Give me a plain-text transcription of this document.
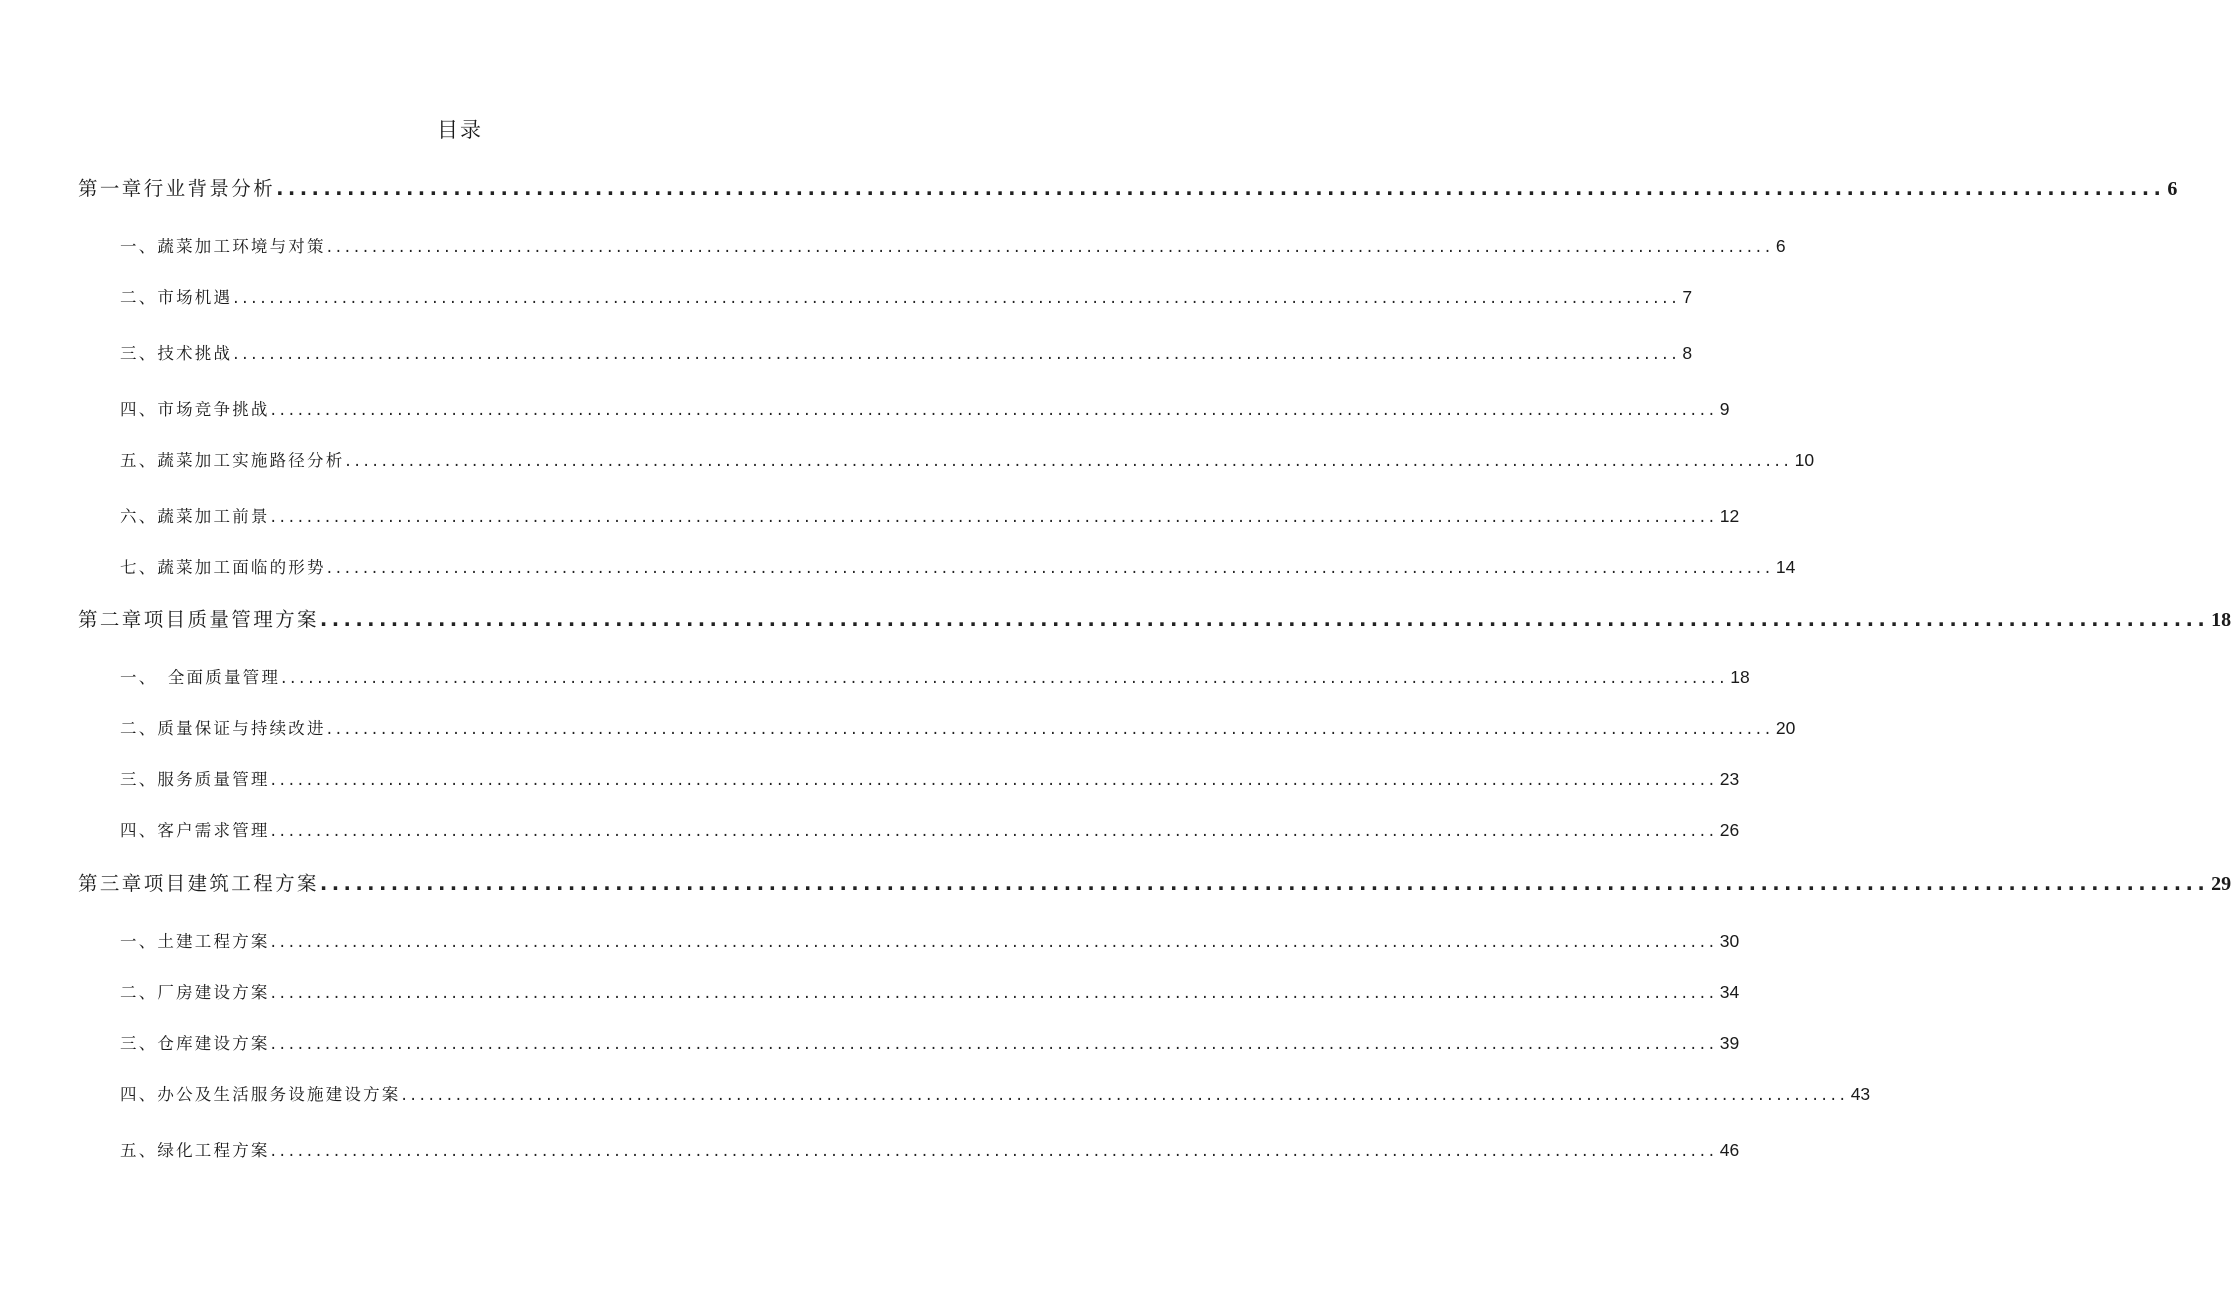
目录
第一章行业背景分析 ................................................................................................................................................................ 6
一、蔬菜加工环境与对策 ................................................................................................................................................................ 6
二、市场机遇 ................................................................................................................................................................ 7
三、技术挑战 ................................................................................................................................................................ 8
四、市场竞争挑战 ................................................................................................................................................................ 9
五、蔬菜加工实施路径分析 ................................................................................................................................................................ 10
六、蔬菜加工前景 ................................................................................................................................................................ 12
七、蔬菜加工面临的形势 ................................................................................................................................................................ 14
第二章项目质量管理方案 ................................................................................................................................................................ 18
一、　全面质量管理 ................................................................................................................................................................ 18
二、质量保证与持续改进 ................................................................................................................................................................ 20
三、服务质量管理 ................................................................................................................................................................ 23
四、客户需求管理 ................................................................................................................................................................ 26
第三章项目建筑工程方案 ................................................................................................................................................................ 29
一、土建工程方案 ................................................................................................................................................................ 30
二、厂房建设方案 ................................................................................................................................................................ 34
三、仓库建设方案 ................................................................................................................................................................ 39
四、办公及生活服务设施建设方案 ................................................................................................................................................................ 43
五、绿化工程方案 ................................................................................................................................................................ 46
